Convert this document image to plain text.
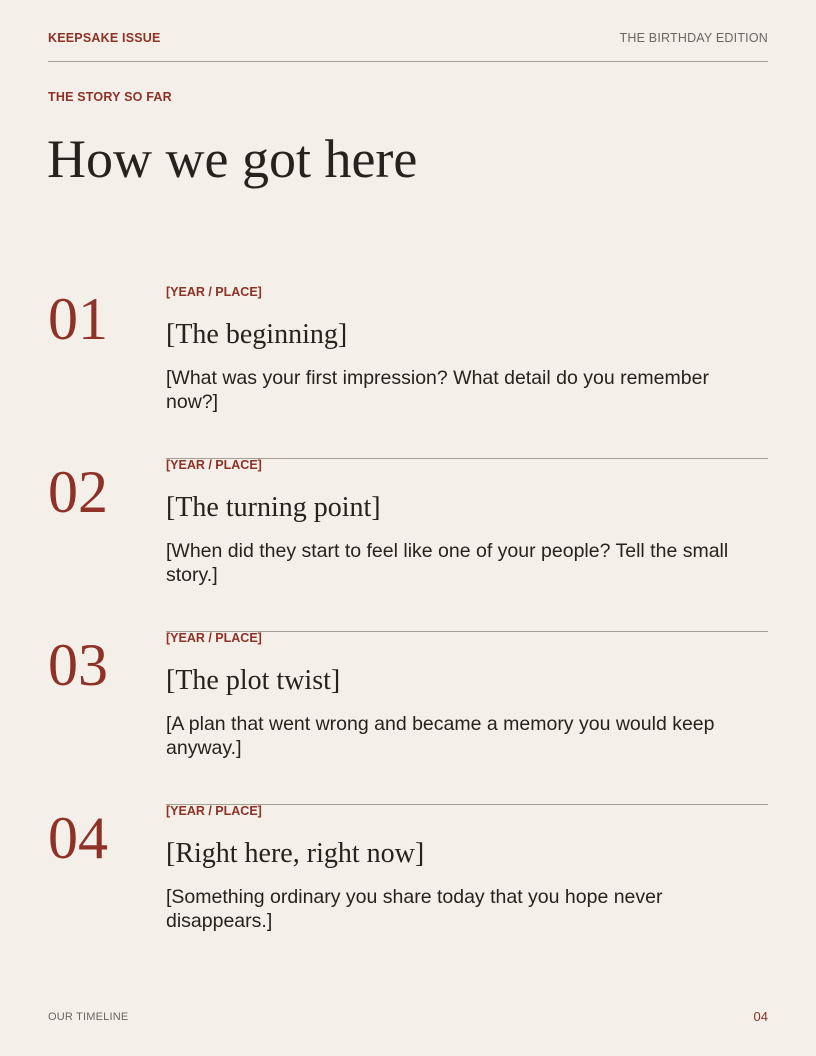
KEEPSAKE ISSUE	THE BIRTHDAY EDITION
THE STORY SO FAR
How we got here
01	[YEAR / PLACE]
[The beginning]
[What was your first impression? What detail do you remember now?]
02	[YEAR / PLACE]
[The turning point]
[When did they start to feel like one of your people? Tell the small story.]
03	[YEAR / PLACE]
[The plot twist]
[A plan that went wrong and became a memory you would keep anyway.]
04	[YEAR / PLACE]
[Right here, right now]
[Something ordinary you share today that you hope never disappears.]
OUR TIMELINE	04
